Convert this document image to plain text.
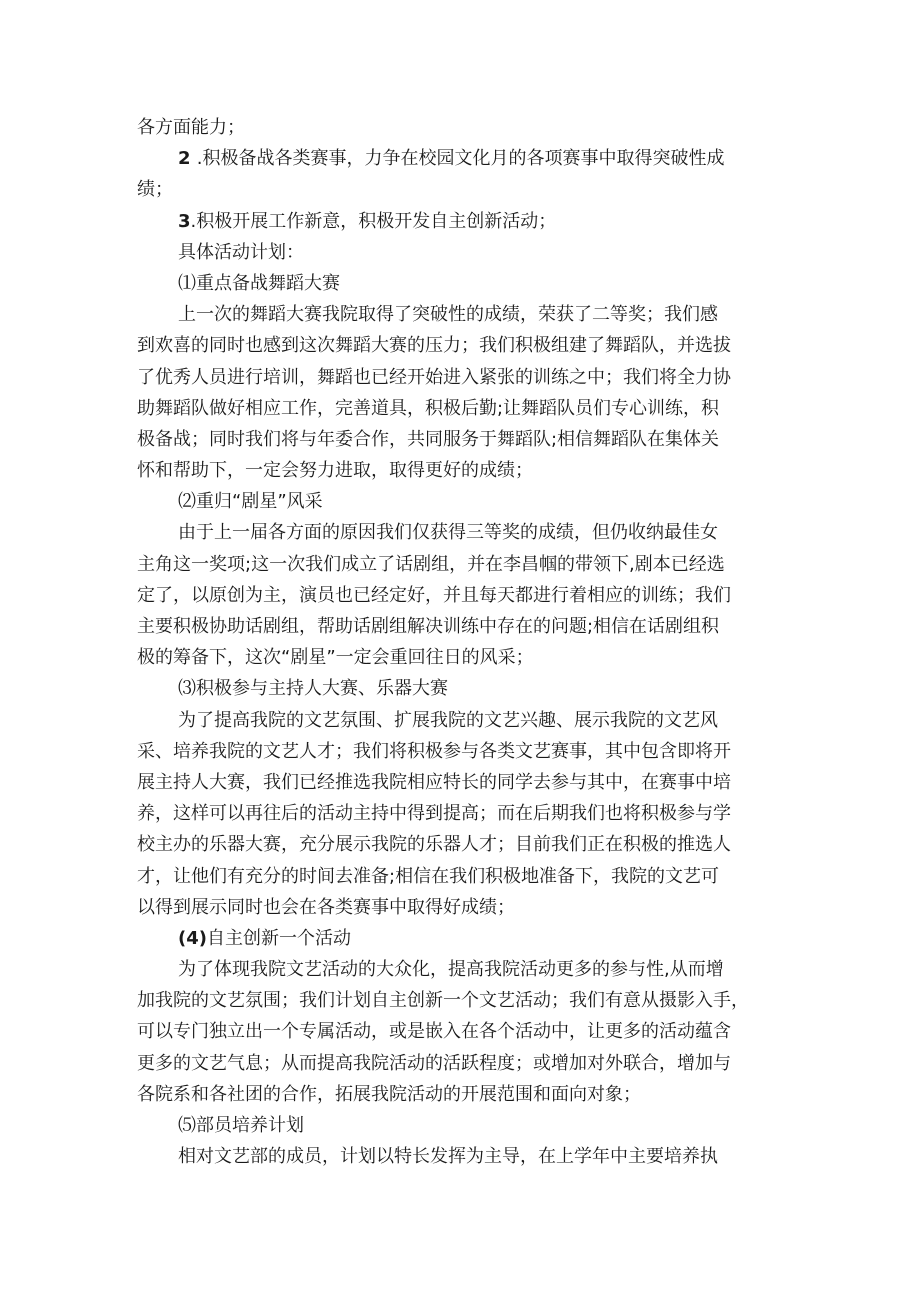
各方面能力；
2 .积极备战各类赛事，力争在校园文化月的各项赛事中取得突破性成
绩；
3.积极开展工作新意，积极开发自主创新活动；
具体活动计划：
⑴重点备战舞蹈大赛
上一次的舞蹈大赛我院取得了突破性的成绩，荣获了二等奖；我们感
到欢喜的同时也感到这次舞蹈大赛的压力；我们积极组建了舞蹈队，并选拔
了优秀人员进行培训，舞蹈也已经开始进入紧张的训练之中；我们将全力协
助舞蹈队做好相应工作，完善道具，积极后勤;让舞蹈队员们专心训练，积
极备战；同时我们将与年委合作，共同服务于舞蹈队;相信舞蹈队在集体关
怀和帮助下，一定会努力进取，取得更好的成绩；
⑵重归“剧星”风采
由于上一届各方面的原因我们仅获得三等奖的成绩，但仍收纳最佳女
主角这一奖项;这一次我们成立了话剧组，并在李昌帼的带领下,剧本已经选
定了，以原创为主，演员也已经定好，并且每天都进行着相应的训练；我们
主要积极协助话剧组，帮助话剧组解决训练中存在的问题;相信在话剧组积
极的筹备下，这次“剧星”一定会重回往日的风采；
⑶积极参与主持人大赛、乐器大赛
为了提高我院的文艺氛围、扩展我院的文艺兴趣、展示我院的文艺风
采、培养我院的文艺人才；我们将积极参与各类文艺赛事，其中包含即将开
展主持人大赛，我们已经推选我院相应特长的同学去参与其中，在赛事中培
养，这样可以再往后的活动主持中得到提高；而在后期我们也将积极参与学
校主办的乐器大赛，充分展示我院的乐器人才；目前我们正在积极的推选人
才，让他们有充分的时间去准备;相信在我们积极地准备下，我院的文艺可
以得到展示同时也会在各类赛事中取得好成绩；
(4)自主创新一个活动
为了体现我院文艺活动的大众化，提高我院活动更多的参与性,从而增
加我院的文艺氛围；我们计划自主创新一个文艺活动；我们有意从摄影入手，
可以专门独立出一个专属活动，或是嵌入在各个活动中，让更多的活动蕴含
更多的文艺气息；从而提高我院活动的活跃程度；或增加对外联合，增加与
各院系和各社团的合作，拓展我院活动的开展范围和面向对象；
⑸部员培养计划
相对文艺部的成员，计划以特长发挥为主导，在上学年中主要培养执
